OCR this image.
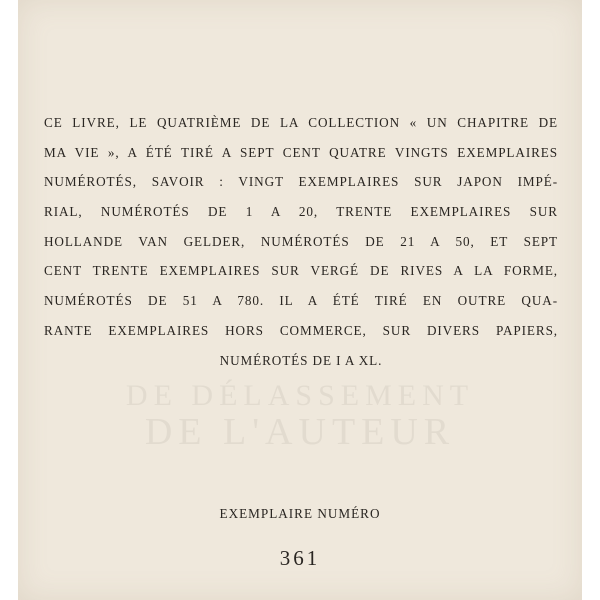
DE DÉLASSEMENT
DE L'AUTEUR
CE LIVRE, LE QUATRIÈME DE LA COLLECTION « UN CHAPITRE DE
MA VIE », A ÉTÉ TIRÉ A SEPT CENT QUATRE VINGTS EXEMPLAIRES
NUMÉROTÉS, SAVOIR : VINGT EXEMPLAIRES SUR JAPON IMPÉ-
RIAL, NUMÉROTÉS DE 1 A 20, TRENTE EXEMPLAIRES SUR
HOLLANDE VAN GELDER, NUMÉROTÉS DE 21 A 50, ET SEPT
CENT TRENTE EXEMPLAIRES SUR VERGÉ DE RIVES A LA FORME,
NUMÉROTÉS DE 51 A 780. IL A ÉTÉ TIRÉ EN OUTRE QUA-
RANTE EXEMPLAIRES HORS COMMERCE, SUR DIVERS PAPIERS,
NUMÉROTÉS DE I A XL.
EXEMPLAIRE NUMÉRO
361
